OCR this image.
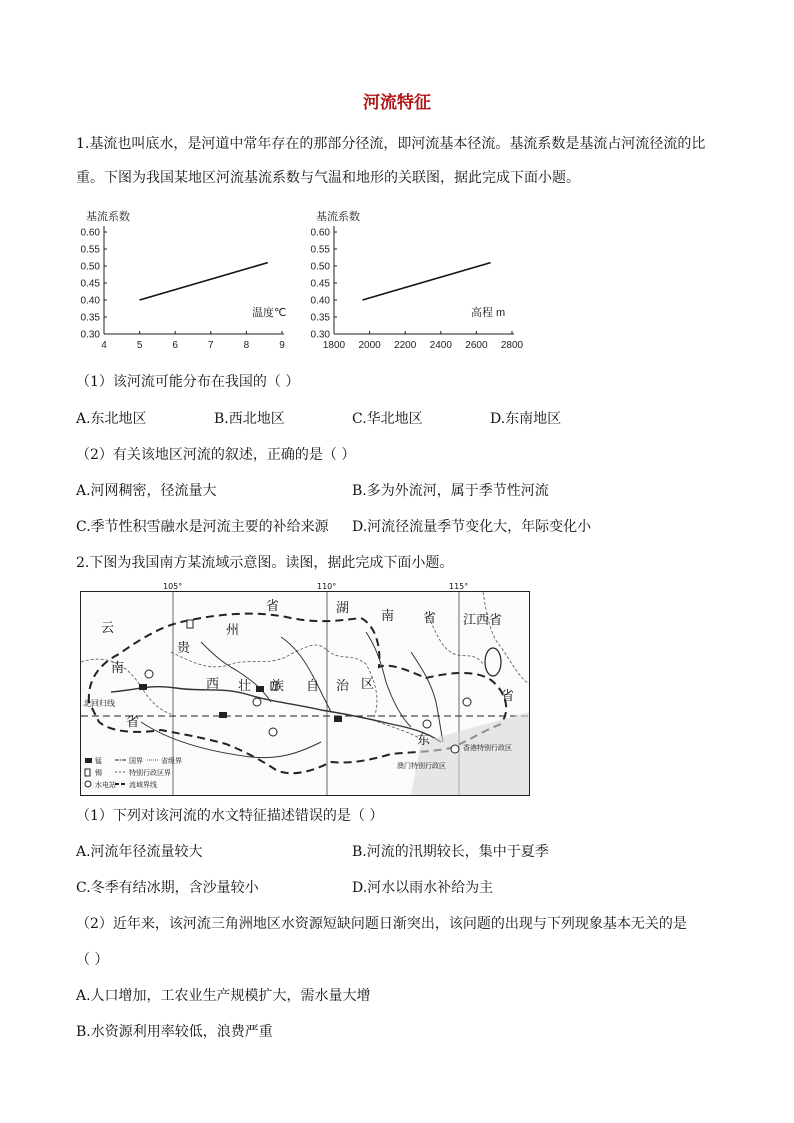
河流特征
1.基流也叫底水，是河道中常年存在的那部分径流，即河流基本径流。基流系数是基流占河流径流的比
重。下图为我国某地区河流基流系数与气温和地形的关联图，据此完成下面小题。
0.30
0.35
0.40
0.45
0.50
0.55
0.60
4	5	6	7	8	9
基流系数
温度℃
0.30
0.35
0.40
0.45
0.50
0.55
0.60
1800 2000 2200 2400 2600 2800
基流系数
高程 m
（1）该河流可能分布在我国的（ ）
A.东北地区	B.西北地区	C.华北地区	D.东南地区
（2）有关该地区河流的叙述，正确的是（ ）
A.河网稠密，径流量大	B.多为外流河，属于季节性河流
C.季节性积雪融水是河流主要的补给来源 D.河流径流量季节变化大，年际变化小
2.下图为我国南方某流域示意图。读图，据此完成下面小题。
省	湖
南 省 江西省
云	州
贵
南
西 壮 族 自 治 区
省
省
东
北回归线
香港特别行政区
澳门特别行政区
锰
锡
水电站
国界	省级界
特别行政区界
流域界线
105°	110°	115°
（1）下列对该河流的水文特征描述错误的是（ ）
A.河流年径流量较大	B.河流的汛期较长，集中于夏季
C.冬季有结冰期，含沙量较小	D.河水以雨水补给为主
（2）近年来，该河流三角洲地区水资源短缺问题日渐突出，该问题的出现与下列现象基本无关的是
（ ）
A.人口增加，工农业生产规模扩大，需水量大增
B.水资源利用率较低，浪费严重
